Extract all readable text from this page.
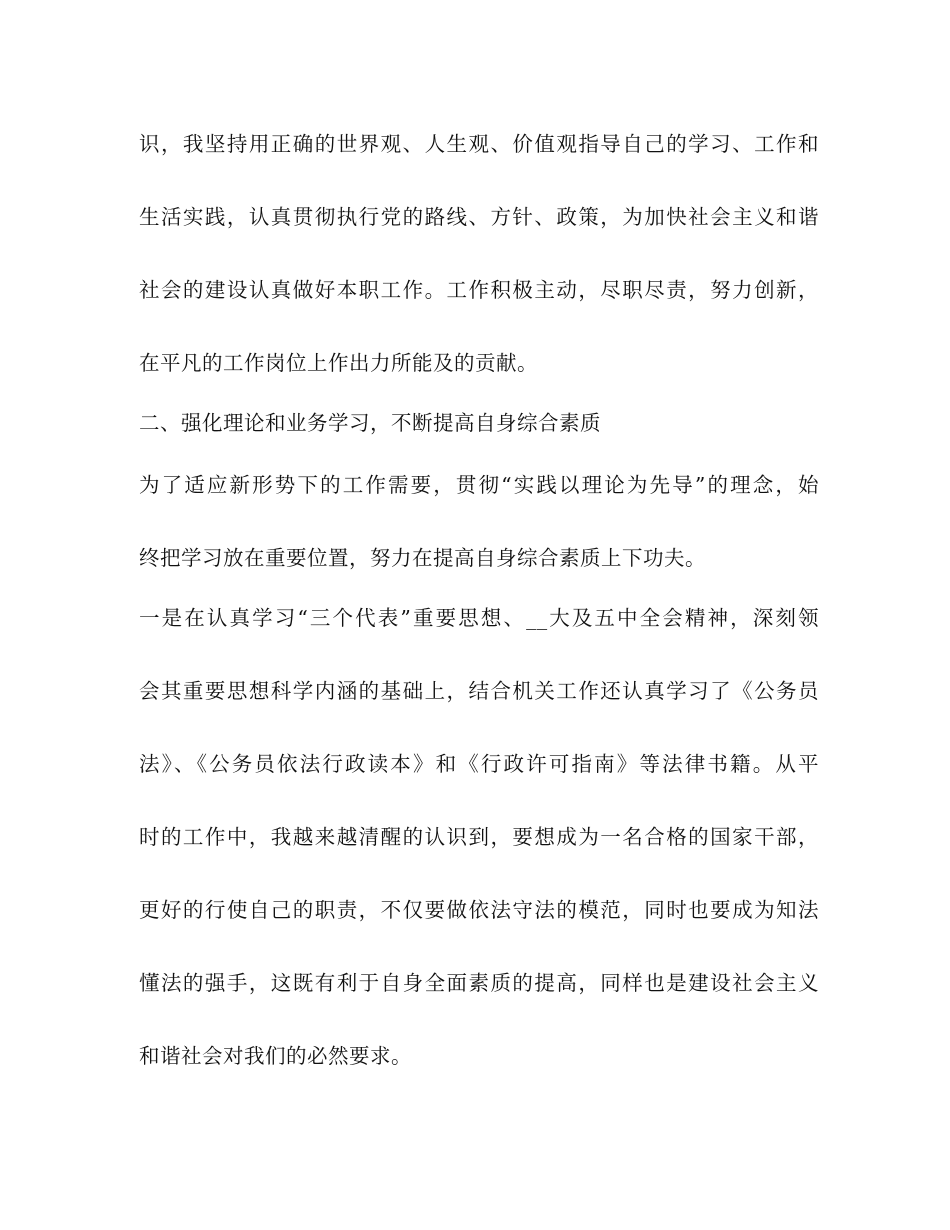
识，我坚持用正确的世界观、人生观、价值观指导自己的学习、工作和
生活实践，认真贯彻执行党的路线、方针、政策，为加快社会主义和谐
社会的建设认真做好本职工作。工作积极主动，尽职尽责，努力创新，
在平凡的工作岗位上作出力所能及的贡献。
二、强化理论和业务学习，不断提高自身综合素质
为了适应新形势下的工作需要，贯彻“实践以理论为先导”的理念，始
终把学习放在重要位置，努力在提高自身综合素质上下功夫。
一是在认真学习“三个代表”重要思想、__大及五中全会精神，深刻领
会其重要思想科学内涵的基础上，结合机关工作还认真学习了《公务员
法》、《公务员依法行政读本》和《行政许可指南》等法律书籍。从平
时的工作中，我越来越清醒的认识到，要想成为一名合格的国家干部，
更好的行使自己的职责，不仅要做依法守法的模范，同时也要成为知法
懂法的强手，这既有利于自身全面素质的提高，同样也是建设社会主义
和谐社会对我们的必然要求。
